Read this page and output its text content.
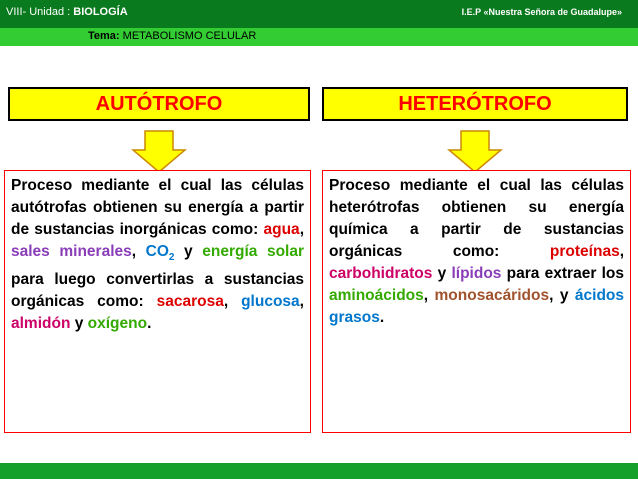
VIII- Unidad : BIOLOGÍA	I.E.P «Nuestra Señora de Guadalupe»
Tema: METABOLISMO CELULAR
AUTÓTROFO	HETERÓTROFO
Proceso mediante el cual las células autótrofas obtienen su energía a partir de sustancias inorgánicas como: agua, sales minerales, $CO_2$ y energía solar para luego convertirlas a sustancias orgánicas como: sacarosa, glucosa, almidón y oxígeno.
Proceso mediante el cual las células heterótrofas obtienen su energía química a partir de sustancias orgánicas como: proteínas, carbohidratos y lípidos para extraer los aminoácidos, monosacáridos, y ácidos grasos.
